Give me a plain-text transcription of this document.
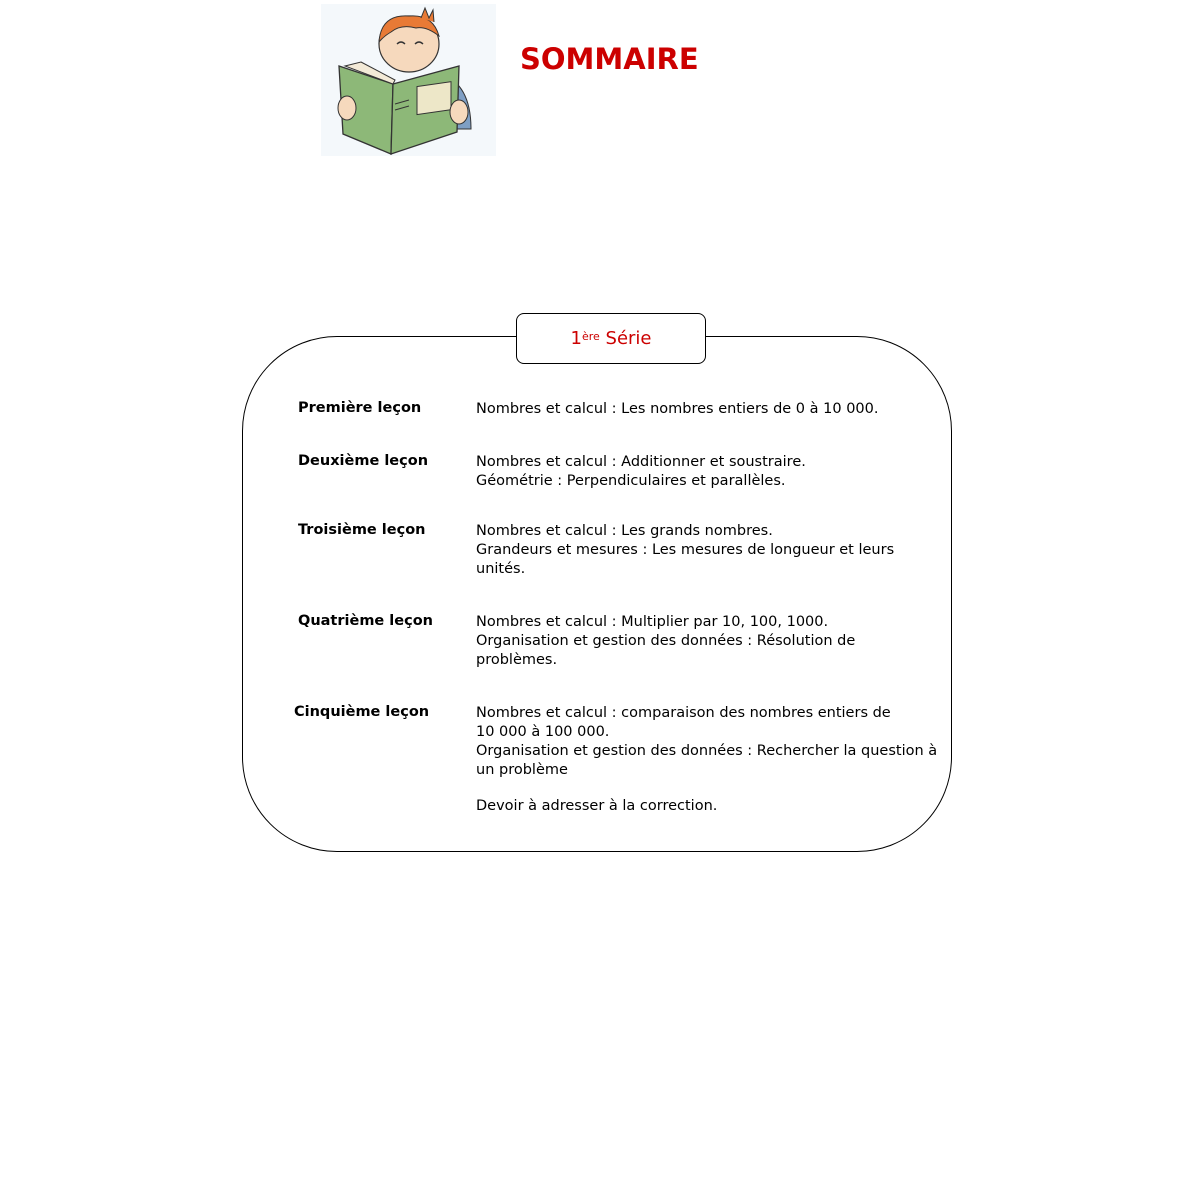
SOMMAIRE
1ère
Série
Première leçon	Nombres et calcul : Les nombres entiers de 0 à 10 000.
Deuxième leçon	Nombres et calcul : Additionner et soustraire.
Géométrie : Perpendiculaires et parallèles.
Troisième leçon	Nombres et calcul : Les grands nombres.
Grandeurs et mesures : Les mesures de longueur et leurs
unités.
Quatrième leçon	Nombres et calcul : Multiplier par 10, 100, 1000.
Organisation et gestion des données : Résolution de
problèmes.
Cinquième leçon	Nombres et calcul : comparaison des nombres entiers de
10 000 à 100 000.
Organisation et gestion des données : Rechercher la question à
un problème
Devoir à adresser à la correction.
